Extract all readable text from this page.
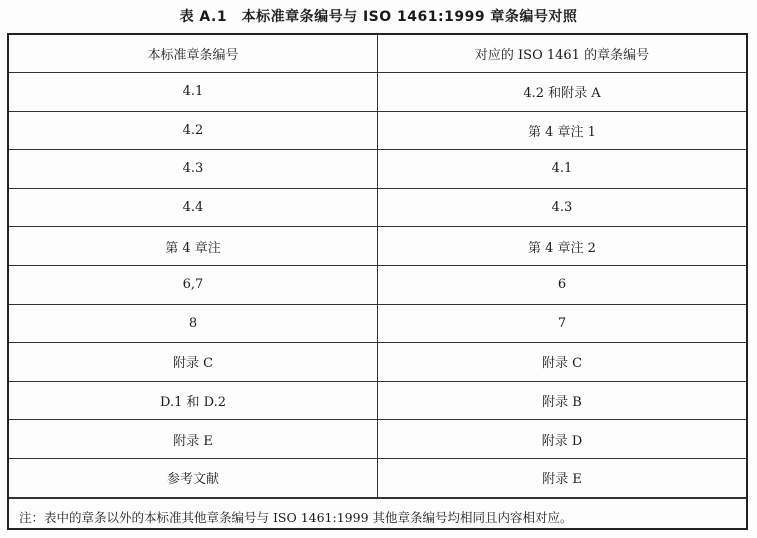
表 A.1　本标准章条编号与 ISO 1461:1999 章条编号对照
本标准章条编号	对应的 ISO 1461 的章条编号
4.1	4.2 和附录 A
4.2	第 4 章注 1
4.3	4.1
4.4	4.3
第 4 章注	第 4 章注 2
6,7	6
8	7
附录 C	附录 C
D.1 和 D.2	附录 B
附录 E	附录 D
参考文献	附录 E
注：表中的章条以外的本标准其他章条编号与 ISO 1461:1999 其他章条编号均相同且内容相对应。
